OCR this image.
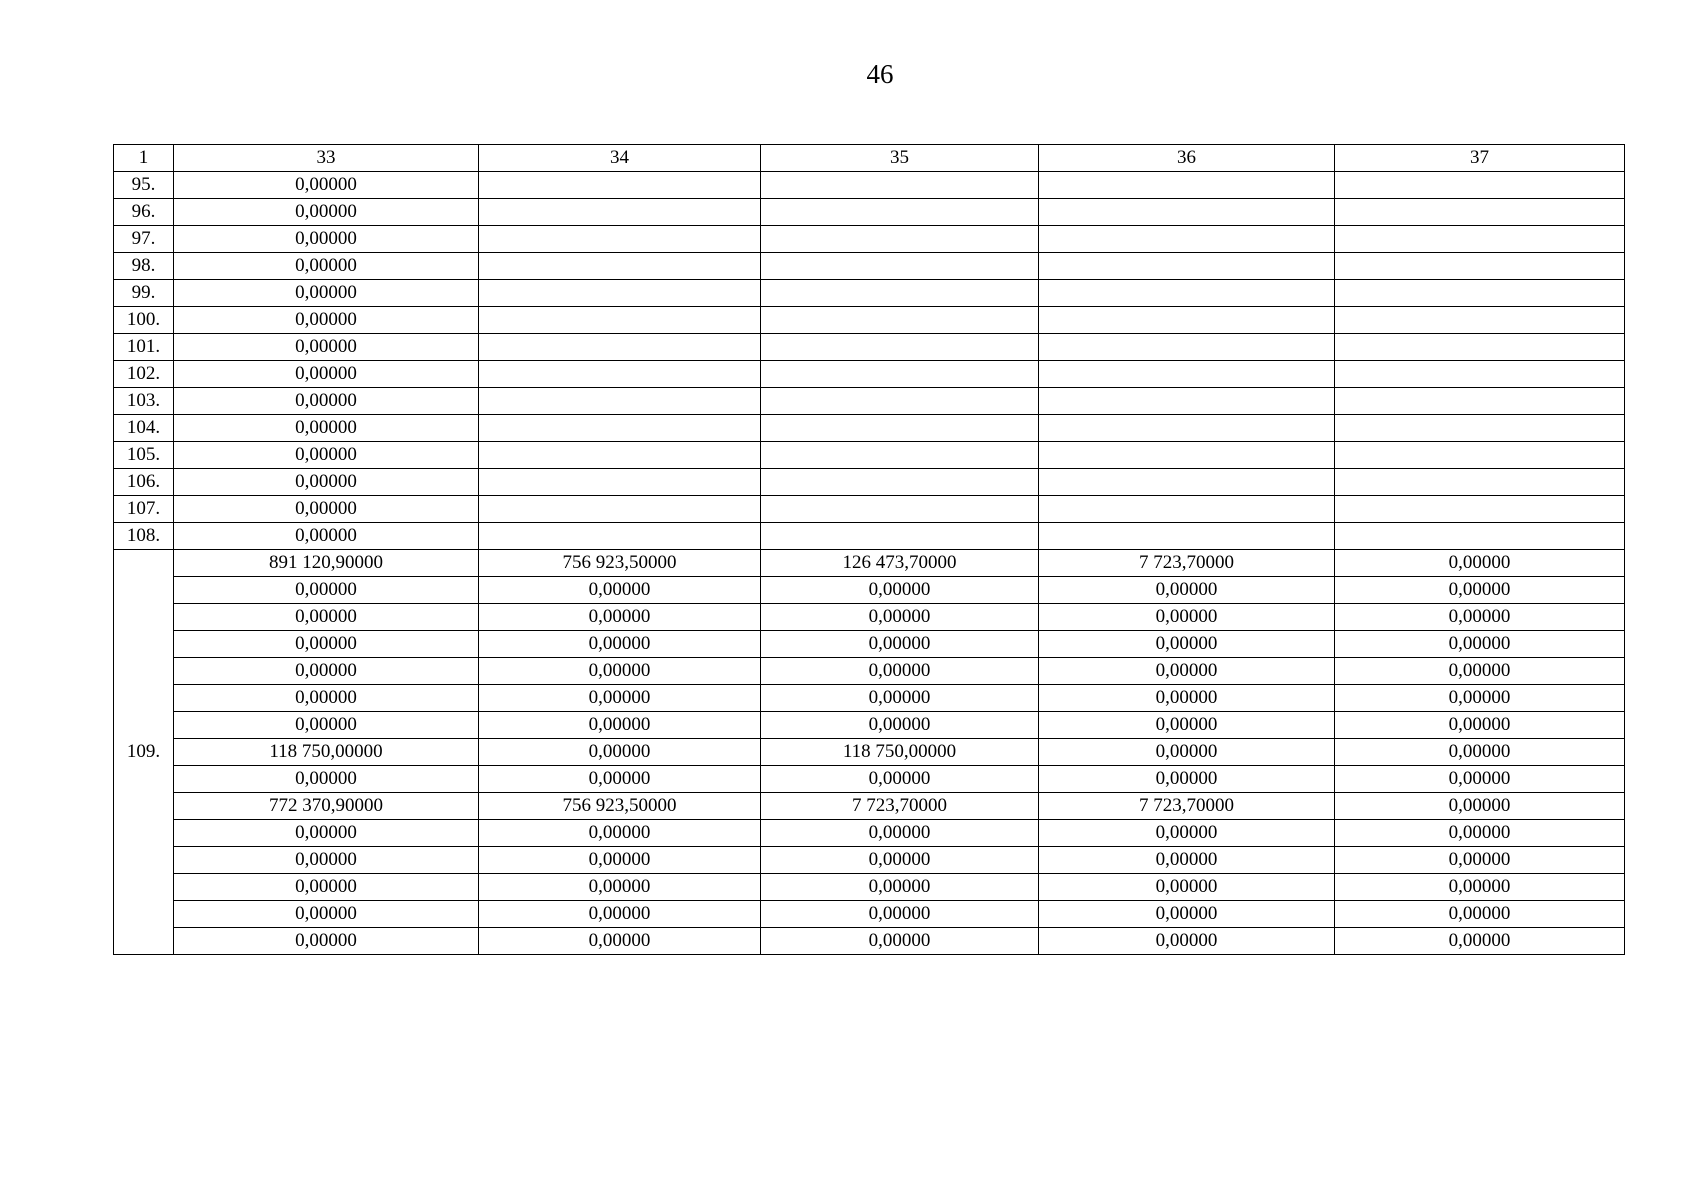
46
1	33	34	35	36	37
95.	0,00000				
96.	0,00000				
97.	0,00000				
98.	0,00000				
99.	0,00000				
100.	0,00000				
101.	0,00000				
102.	0,00000				
103.	0,00000				
104.	0,00000				
105.	0,00000				
106.	0,00000				
107.	0,00000				
108.	0,00000				
109.	891 120,90000	756 923,50000	126 473,70000	7 723,70000	0,00000
	0,00000	0,00000	0,00000	0,00000	0,00000
	0,00000	0,00000	0,00000	0,00000	0,00000
	0,00000	0,00000	0,00000	0,00000	0,00000
	0,00000	0,00000	0,00000	0,00000	0,00000
	0,00000	0,00000	0,00000	0,00000	0,00000
	0,00000	0,00000	0,00000	0,00000	0,00000
	118 750,00000	0,00000	118 750,00000	0,00000	0,00000
	0,00000	0,00000	0,00000	0,00000	0,00000
	772 370,90000	756 923,50000	7 723,70000	7 723,70000	0,00000
	0,00000	0,00000	0,00000	0,00000	0,00000
	0,00000	0,00000	0,00000	0,00000	0,00000
	0,00000	0,00000	0,00000	0,00000	0,00000
	0,00000	0,00000	0,00000	0,00000	0,00000
	0,00000	0,00000	0,00000	0,00000	0,00000
